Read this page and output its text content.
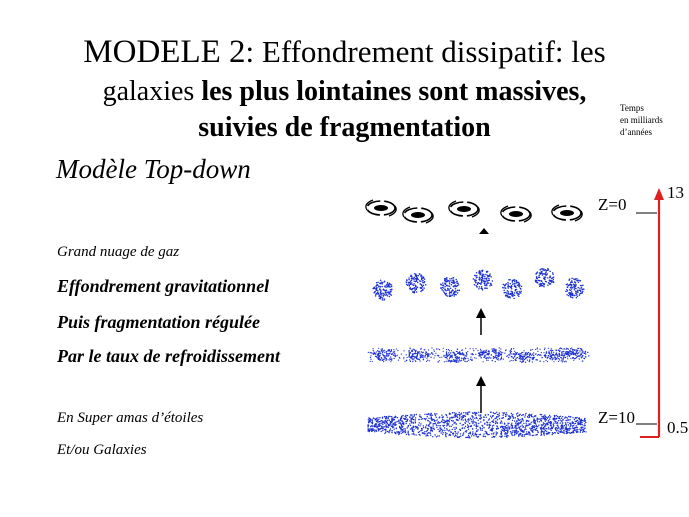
MODELE 2: Effondrement dissipatif: les
galaxies les plus lointaines sont massives,
suivies de fragmentation
Modèle Top-down
Grand nuage de gaz
Effondrement gravitationnel
Puis fragmentation régulée
Par le taux de refroidissement
En Super amas d’étoiles
Et/ou Galaxies
Temps
en milliards
d’années
Z=0
Z=10
13
0.5
